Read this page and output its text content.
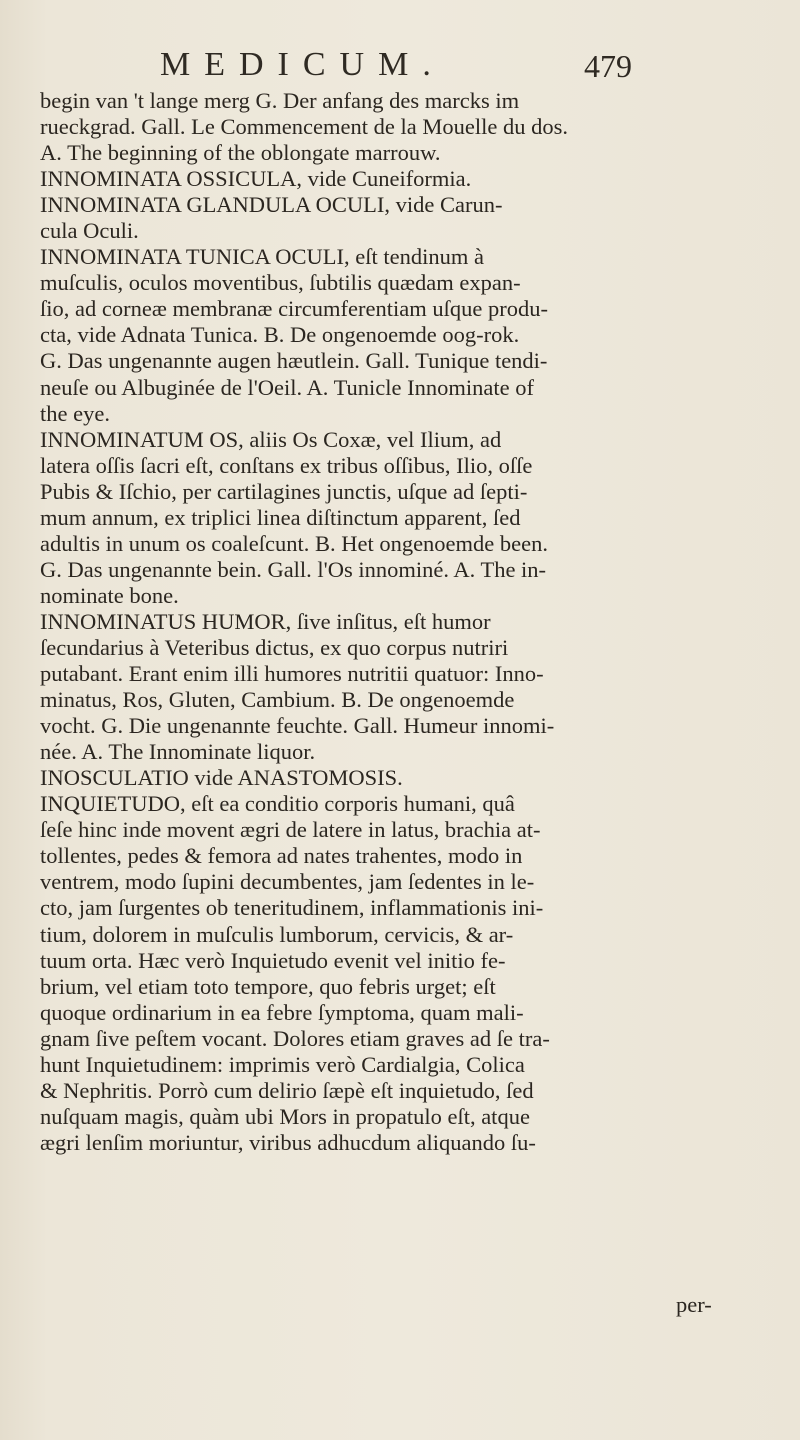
MEDICUM.	479
begin van 't lange merg G. Der anfang des marcks im
rueckgrad. Gall. Le Commencement de la Mouelle du dos.
A. The beginning of the oblongate marrouw.
INNOMINATA OSSICULA, vide Cuneiformia.
INNOMINATA GLANDULA OCULI, vide Carun-
cula Oculi.
INNOMINATA TUNICA OCULI, eſt tendinum à
muſculis, oculos moventibus, ſubtilis quædam expan-
ſio, ad corneæ membranæ circumferentiam uſque produ-
cta, vide Adnata Tunica. B. De ongenoemde oog-rok.
G. Das ungenannte augen hæutlein. Gall. Tunique tendi-
neuſe ou Albuginée de l'Oeil. A. Tunicle Innominate of
the eye.
INNOMINATUM OS, aliis Os Coxæ, vel Ilium, ad
latera oſſis ſacri eſt, conſtans ex tribus oſſibus, Ilio, oſſe
Pubis & Iſchio, per cartilagines junctis, uſque ad ſepti-
mum annum, ex triplici linea diſtinctum apparent, ſed
adultis in unum os coaleſcunt. B. Het ongenoemde been.
G. Das ungenannte bein. Gall. l'Os innominé. A. The in-
nominate bone.
INNOMINATUS HUMOR, ſive inſitus, eſt humor
ſecundarius à Veteribus dictus, ex quo corpus nutriri
putabant. Erant enim illi humores nutritii quatuor: Inno-
minatus, Ros, Gluten, Cambium. B. De ongenoemde
vocht. G. Die ungenannte feuchte. Gall. Humeur innomi-
née. A. The Innominate liquor.
INOSCULATIO vide ANASTOMOSIS.
INQUIETUDO, eſt ea conditio corporis humani, quâ
ſeſe hinc inde movent ægri de latere in latus, brachia at-
tollentes, pedes & femora ad nates trahentes, modo in
ventrem, modo ſupini decumbentes, jam ſedentes in le-
cto, jam ſurgentes ob teneritudinem, inflammationis ini-
tium, dolorem in muſculis lumborum, cervicis, & ar-
tuum orta. Hæc verò Inquietudo evenit vel initio fe-
brium, vel etiam toto tempore, quo febris urget; eſt
quoque ordinarium in ea febre ſymptoma, quam mali-
gnam ſive peſtem vocant. Dolores etiam graves ad ſe tra-
hunt Inquietudinem: imprimis verò Cardialgia, Colica
& Nephritis. Porrò cum delirio ſæpè eſt inquietudo, ſed
nuſquam magis, quàm ubi Mors in propatulo eſt, atque
ægri lenſim moriuntur, viribus adhucdum aliquando ſu-
per-
